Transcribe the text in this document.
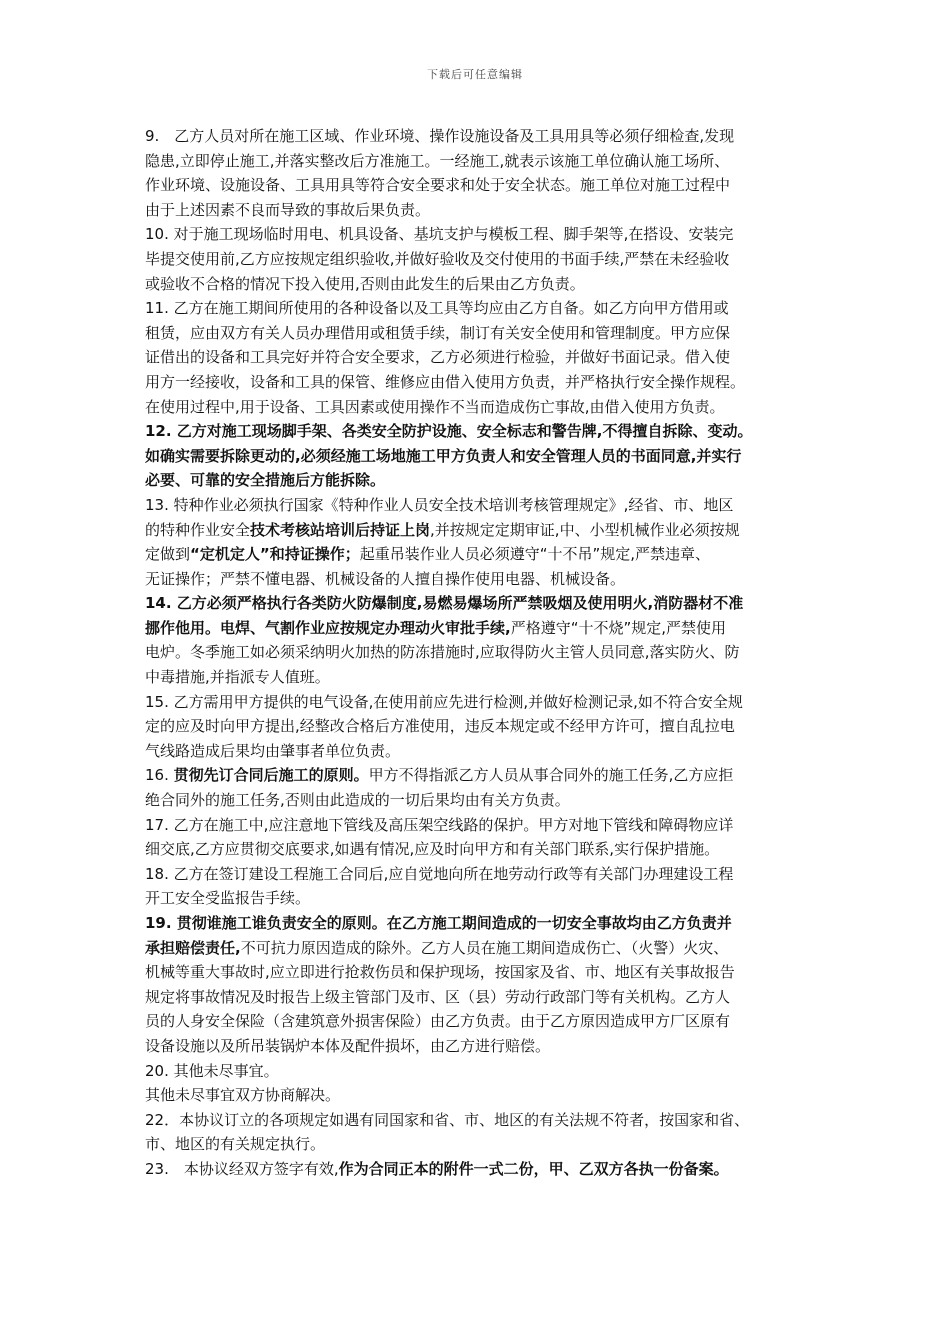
下载后可任意编辑
9.　乙方人员对所在施工区域、作业环境、操作设施设备及工具用具等必须仔细检查,发现
隐患,立即停止施工,并落实整改后方准施工。一经施工,就表示该施工单位确认施工场所、
作业环境、设施设备、工具用具等符合安全要求和处于安全状态。施工单位对施工过程中
由于上述因素不良而导致的事故后果负责。
10. 对于施工现场临时用电、机具设备、基坑支护与模板工程、脚手架等,在搭设、安装完
毕提交使用前,乙方应按规定组织验收,并做好验收及交付使用的书面手续,严禁在未经验收
或验收不合格的情况下投入使用,否则由此发生的后果由乙方负责。
11. 乙方在施工期间所使用的各种设备以及工具等均应由乙方自备。如乙方向甲方借用或
租赁，应由双方有关人员办理借用或租赁手续，制订有关安全使用和管理制度。甲方应保
证借出的设备和工具完好并符合安全要求，乙方必须进行检验，并做好书面记录。借入使
用方一经接收，设备和工具的保管、维修应由借入使用方负责，并严格执行安全操作规程。
在使用过程中,用于设备、工具因素或使用操作不当而造成伤亡事故,由借入使用方负责。
12. 乙方对施工现场脚手架、各类安全防护设施、安全标志和警告牌,不得擅自拆除、变动。
如确实需要拆除更动的,必须经施工场地施工甲方负责人和安全管理人员的书面同意,并实行
必要、可靠的安全措施后方能拆除。
13. 特种作业必须执行国家《特种作业人员安全技术培训考核管理规定》,经省、市、地区
的特种作业安全技术考核站培训后持证上岗,并按规定定期审证,中、小型机械作业必须按规
定做到“定机定人”和持证操作；起重吊装作业人员必须遵守“十不吊”规定,严禁违章、
无证操作；严禁不懂电器、机械设备的人擅自操作使用电器、机械设备。
14. 乙方必须严格执行各类防火防爆制度,易燃易爆场所严禁吸烟及使用明火,消防器材不准
挪作他用。电焊、气割作业应按规定办理动火审批手续,严格遵守“十不烧”规定,严禁使用
电炉。冬季施工如必须采纳明火加热的防冻措施时,应取得防火主管人员同意,落实防火、防
中毒措施,并指派专人值班。
15. 乙方需用甲方提供的电气设备,在使用前应先进行检测,并做好检测记录,如不符合安全规
定的应及时向甲方提出,经整改合格后方准使用，违反本规定或不经甲方许可，擅自乱拉电
气线路造成后果均由肇事者单位负责。
16. 贯彻先订合同后施工的原则。甲方不得指派乙方人员从事合同外的施工任务,乙方应拒
绝合同外的施工任务,否则由此造成的一切后果均由有关方负责。
17. 乙方在施工中,应注意地下管线及高压架空线路的保护。甲方对地下管线和障碍物应详
细交底,乙方应贯彻交底要求,如遇有情况,应及时向甲方和有关部门联系,实行保护措施。
18. 乙方在签订建设工程施工合同后,应自觉地向所在地劳动行政等有关部门办理建设工程
开工安全受监报告手续。
19. 贯彻谁施工谁负责安全的原则。在乙方施工期间造成的一切安全事故均由乙方负责并
承担赔偿责任,不可抗力原因造成的除外。乙方人员在施工期间造成伤亡、（火警）火灾、
机械等重大事故时,应立即进行抢救伤员和保护现场，按国家及省、市、地区有关事故报告
规定将事故情况及时报告上级主管部门及市、区（县）劳动行政部门等有关机构。乙方人
员的人身安全保险（含建筑意外损害保险）由乙方负责。由于乙方原因造成甲方厂区原有
设备设施以及所吊装锅炉本体及配件损坏，由乙方进行赔偿。
20. 其他未尽事宜。
其他未尽事宜双方协商解决。
22．本协议订立的各项规定如遇有同国家和省、市、地区的有关法规不符者，按国家和省、
市、地区的有关规定执行。
23.　本协议经双方签字有效,作为合同正本的附件一式二份，甲、乙双方各执一份备案。
